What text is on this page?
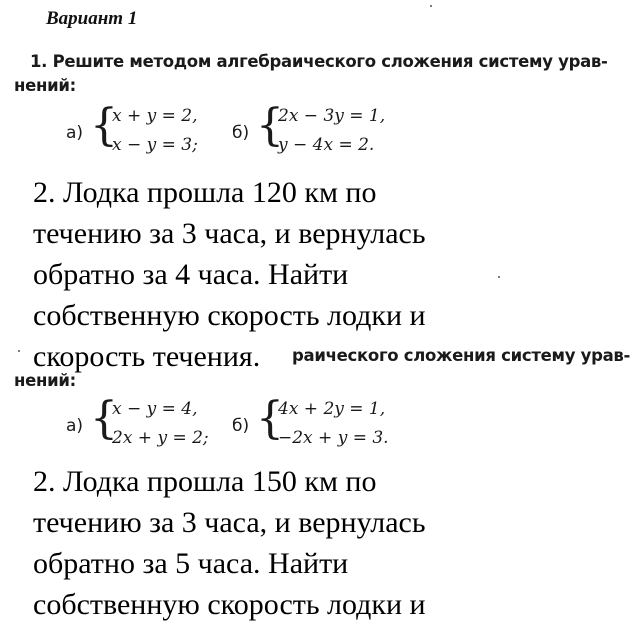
Вариант 1
1. Решите методом алгебраического сложения систему урав-
нений:
а) {
x + y = 2,
x − y = 3;
б) {
2x − 3y = 1,
y − 4x = 2.
2. Лодка прошла 120 км по
течению за 3 часа, и вернулась
обратно за 4 часа. Найти
собственную скорость лодки и
раического сложения систему урав-
нений:
скорость течения.
а) {
x − y = 4,
2x + y = 2;
б) {
4x + 2y = 1,
−2x + y = 3.
2. Лодка прошла 150 км по
течению за 3 часа, и вернулась
обратно за 5 часа. Найти
собственную скорость лодки и
